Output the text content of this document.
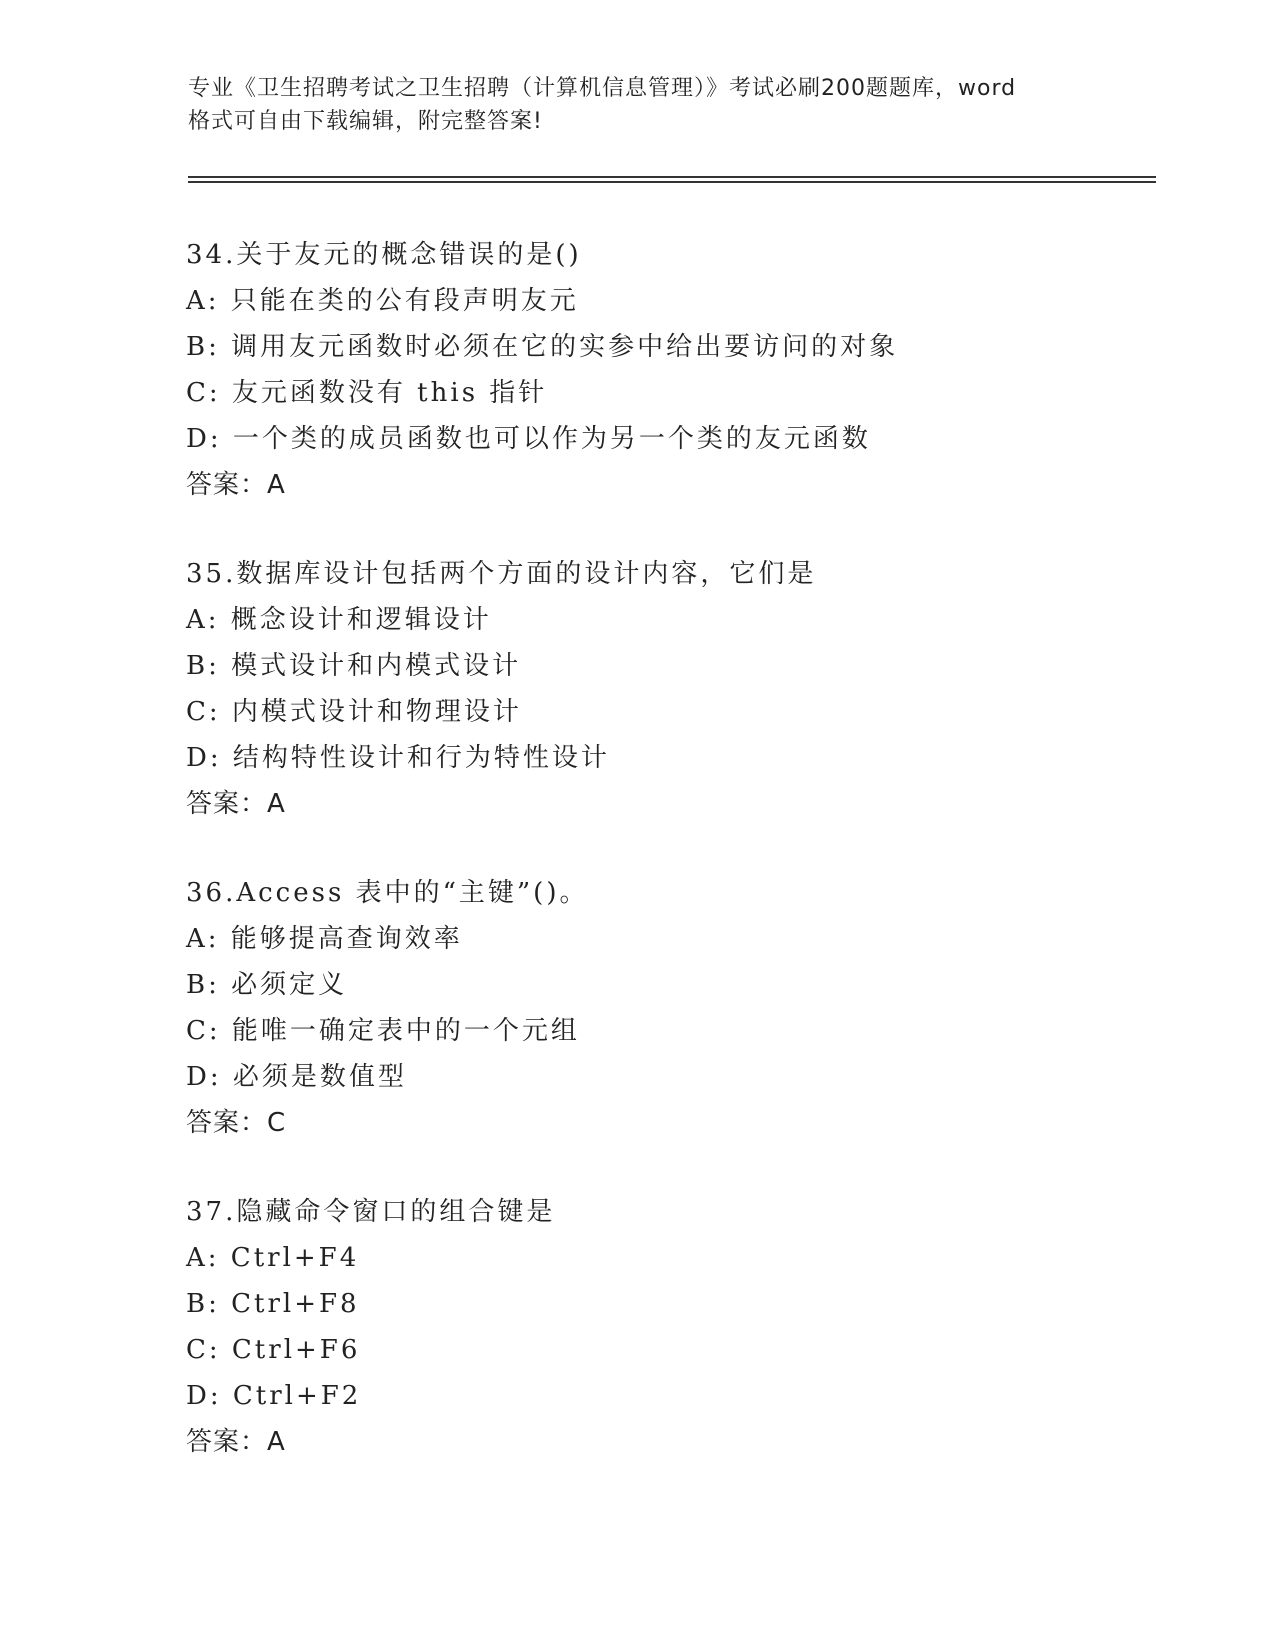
专业《卫生招聘考试之卫生招聘（计算机信息管理）》考试必刷200题题库，word
格式可自由下载编辑，附完整答案!
34.关于友元的概念错误的是()
A: 只能在类的公有段声明友元
B: 调用友元函数时必须在它的实参中给出要访问的对象
C: 友元函数没有 this 指针
D: 一个类的成员函数也可以作为另一个类的友元函数
答案：A
35.数据库设计包括两个方面的设计内容，它们是
A: 概念设计和逻辑设计
B: 模式设计和内模式设计
C: 内模式设计和物理设计
D: 结构特性设计和行为特性设计
答案：A
36.Access 表中的“主键”()。
A: 能够提高查询效率
B: 必须定义
C: 能唯一确定表中的一个元组
D: 必须是数值型
答案：C
37.隐藏命令窗口的组合键是
A: Ctrl+F4
B: Ctrl+F8
C: Ctrl+F6
D: Ctrl+F2
答案：A
